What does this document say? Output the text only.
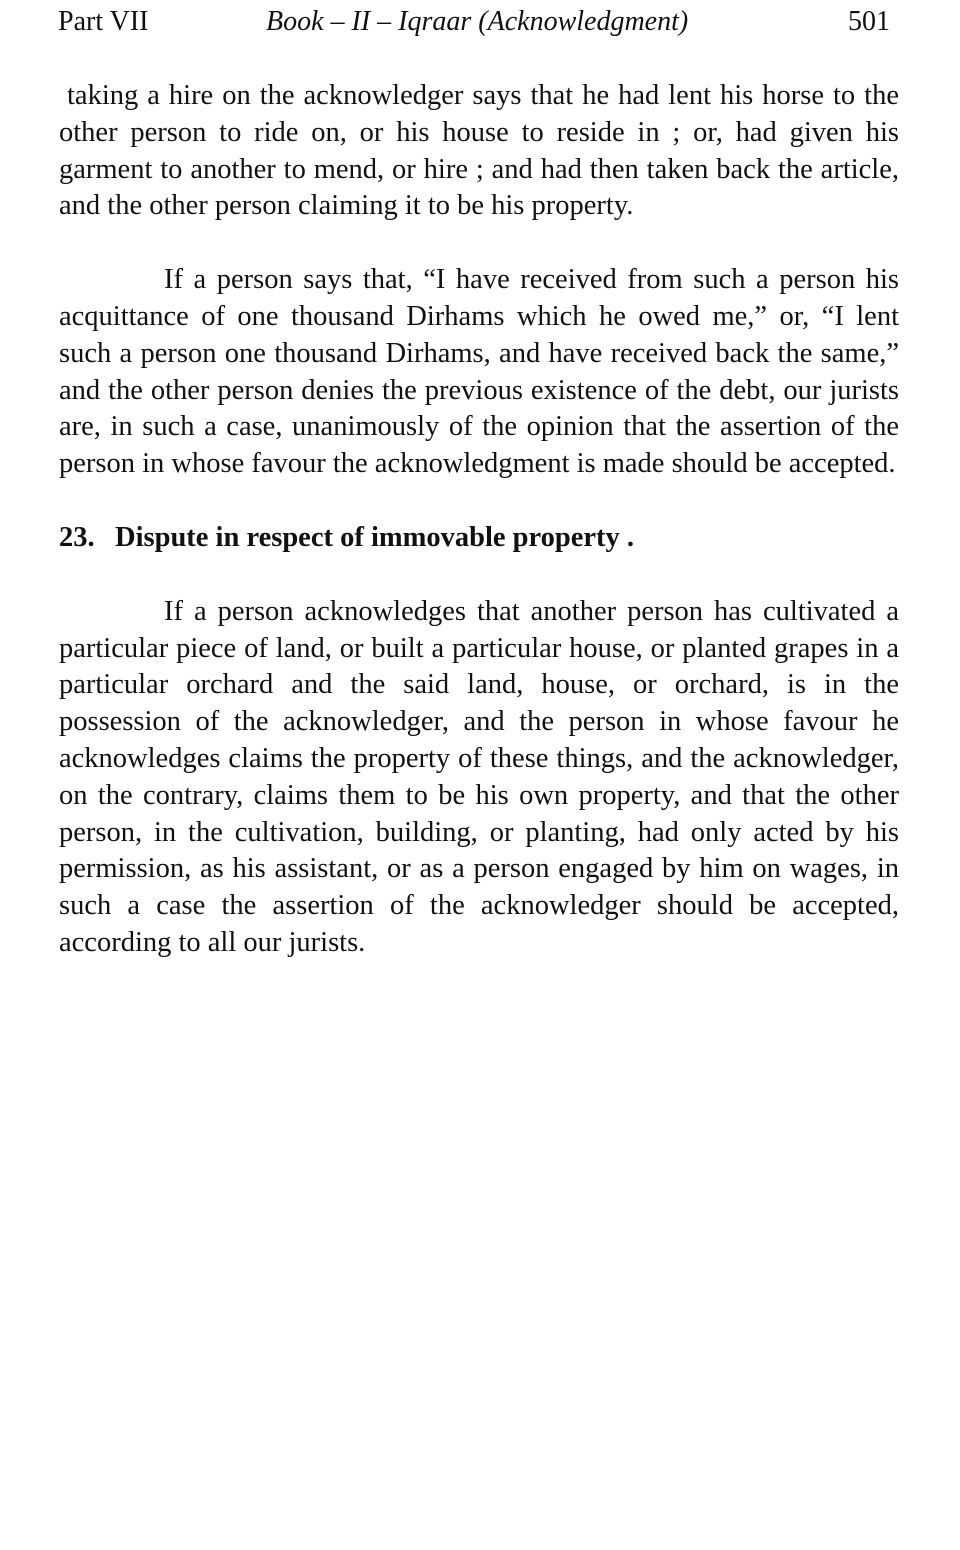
Part VII	Book – II – Iqraar (Acknowledgment)	501

taking a hire on the acknowledger says that he had lent his horse to the other person to ride on, or his house to reside in ; or, had given his garment to another to mend, or hire ; and had then taken back the article, and the other person claiming it to be his property.

If a person says that, “I have received from such a person his acquittance of one thousand Dirhams which he owed me,” or, “I lent such a person one thousand Dirhams, and have received back the same,” and the other person denies the previous existence of the debt, our jurists are, in such a case, unanimously of the opinion that the assertion of the person in whose favour the acknowledgment is made should be accepted.

23. Dispute in respect of immovable property .

If a person acknowledges that another person has cultivated a particular piece of land, or built a particular house, or planted grapes in a particular orchard and the said land, house, or orchard, is in the possession of the acknowledger, and the person in whose favour he acknowledges claims the property of these things, and the acknowledger, on the contrary, claims them to be his own property, and that the other person, in the cultivation, building, or planting, had only acted by his permission, as his assistant, or as a person engaged by him on wages, in such a case the assertion of the acknowledger should be accepted, according to all our jurists.
